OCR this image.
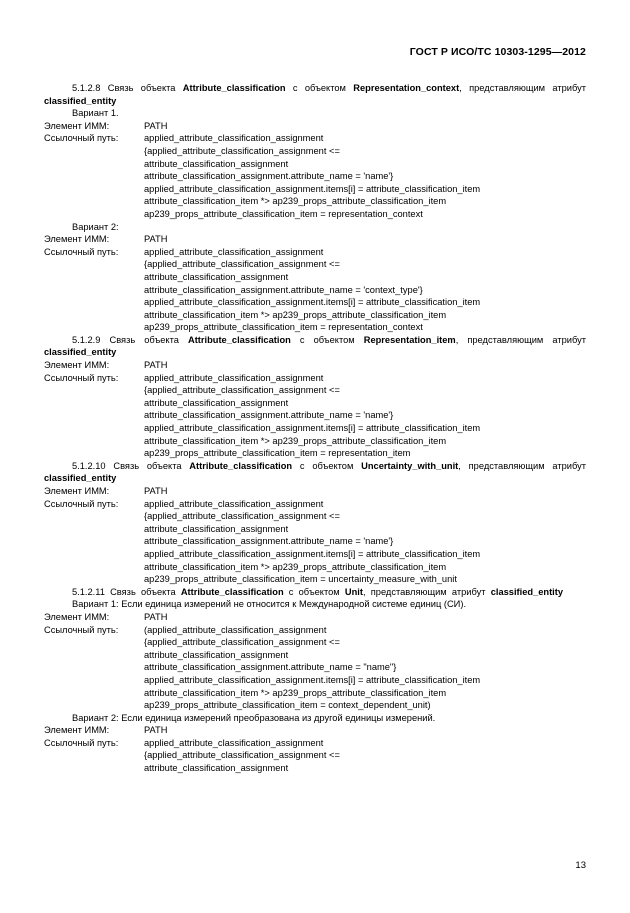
ГОСТ Р ИСО/ТС 10303-1295—2012

5.1.2.8 Связь объекта Attribute_classification с объектом Representation_context, представляющим атрибут classified_entity

Вариант 1.

Элемент ИММ:	PATH
Ссылочный путь:	applied_attribute_classification_assignment
{applied_attribute_classification_assignment <=
attribute_classification_assignment
attribute_classification_assignment.attribute_name = 'name'}
applied_attribute_classification_assignment.items[i] = attribute_classification_item
attribute_classification_item *> ap239_props_attribute_classification_item
ap239_props_attribute_classification_item = representation_context

Вариант 2:

Элемент ИММ:	PATH
Ссылочный путь:	applied_attribute_classification_assignment
{applied_attribute_classification_assignment <=
attribute_classification_assignment
attribute_classification_assignment.attribute_name = 'context_type'}
applied_attribute_classification_assignment.items[i] = attribute_classification_item
attribute_classification_item *> ap239_props_attribute_classification_item
ap239_props_attribute_classification_item = representation_context

5.1.2.9 Связь объекта Attribute_classification с объектом Representation_item, представляющим атрибут classified_entity

Элемент ИММ:	PATH
Ссылочный путь:	applied_attribute_classification_assignment
{applied_attribute_classification_assignment <=
attribute_classification_assignment
attribute_classification_assignment.attribute_name = 'name'}
applied_attribute_classification_assignment.items[i] = attribute_classification_item
attribute_classification_item *> ap239_props_attribute_classification_item
ap239_props_attribute_classification_item = representation_item

5.1.2.10 Связь объекта Attribute_classification с объектом Uncertainty_with_unit, представляющим атрибут classified_entity

Элемент ИММ:	PATH
Ссылочный путь:	applied_attribute_classification_assignment
{applied_attribute_classification_assignment <=
attribute_classification_assignment
attribute_classification_assignment.attribute_name = 'name'}
applied_attribute_classification_assignment.items[i] = attribute_classification_item
attribute_classification_item *> ap239_props_attribute_classification_item
ap239_props_attribute_classification_item = uncertainty_measure_with_unit

5.1.2.11 Связь объекта Attribute_classification с объектом Unit, представляющим атрибут classified_entity

Вариант 1: Если единица измерений не относится к Международной системе единиц (СИ).

Элемент ИММ:	PATH
Ссылочный путь:	(applied_attribute_classification_assignment
{applied_attribute_classification_assignment <=
attribute_classification_assignment
attribute_classification_assignment.attribute_name = "name"}
applied_attribute_classification_assignment.items[i] = attribute_classification_item
attribute_classification_item *> ap239_props_attribute_classification_item
ap239_props_attribute_classification_item = context_dependent_unit)

Вариант 2: Если единица измерений преобразована из другой единицы измерений.

Элемент ИММ:	PATH
Ссылочный путь:	applied_attribute_classification_assignment
{applied_attribute_classification_assignment <=
attribute_classification_assignment
13
